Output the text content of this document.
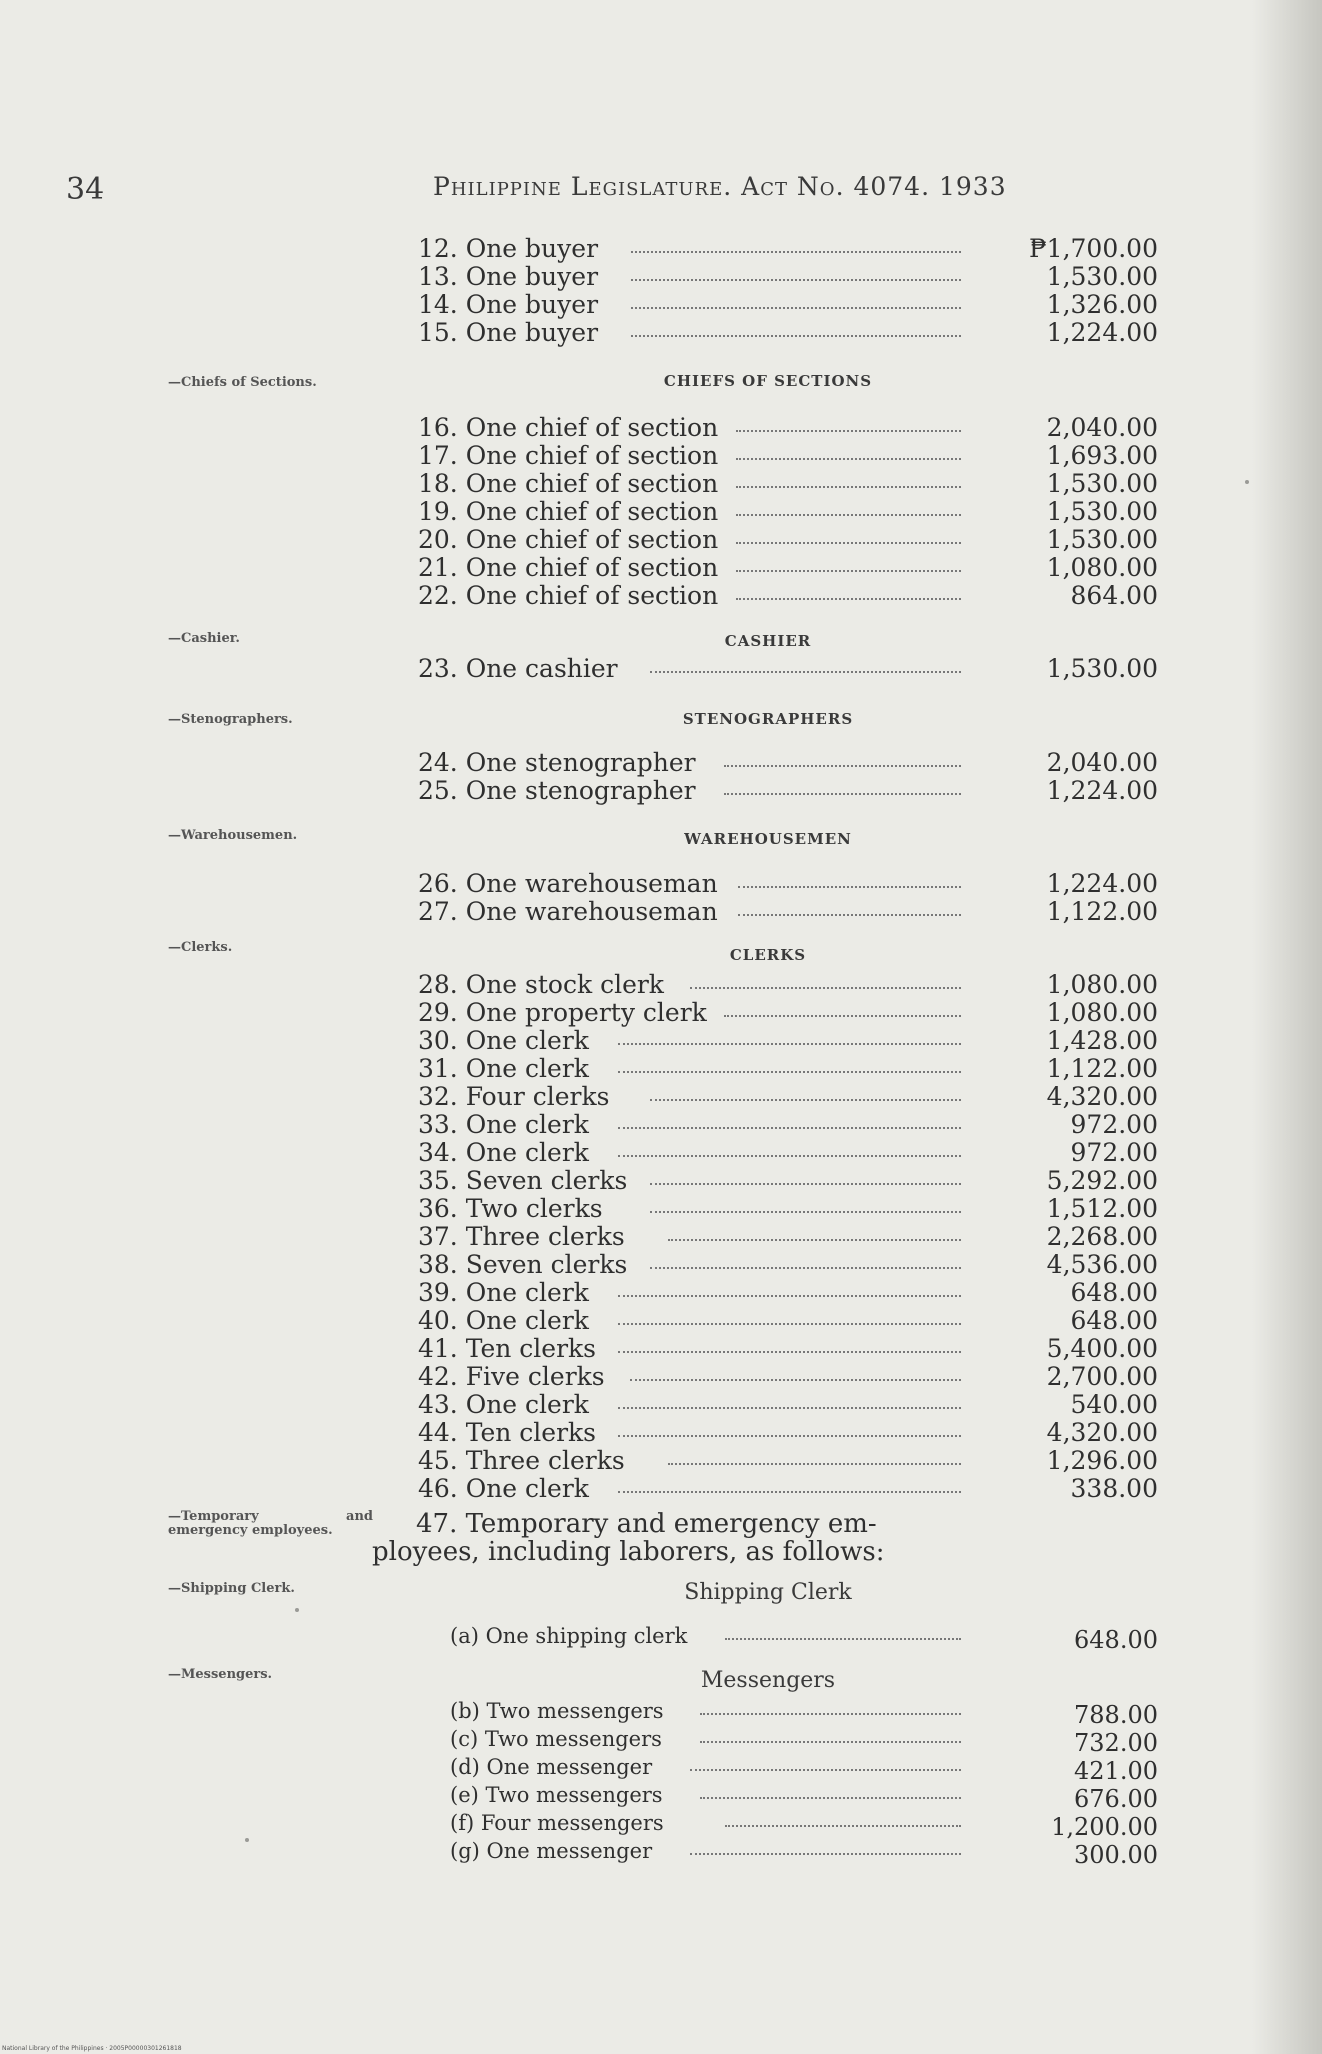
34	Philippine Legislature. Act No. 4074. 1933
12. One buyer	₱1,700.00
13. One buyer	1,530.00
14. One buyer	1,326.00
15. One buyer	1,224.00
—Chiefs of Sections.	CHIEFS OF SECTIONS
16. One chief of section	2,040.00
17. One chief of section	1,693.00
18. One chief of section	1,530.00
19. One chief of section	1,530.00
20. One chief of section	1,530.00
21. One chief of section	1,080.00
22. One chief of section	864.00
—Cashier.	CASHIER
23. One cashier	1,530.00
—Stenographers.	STENOGRAPHERS
24. One stenographer	2,040.00
25. One stenographer	1,224.00
—Warehousemen.	WAREHOUSEMEN
26. One warehouseman	1,224.00
27. One warehouseman	1,122.00
—Clerks.	CLERKS
28. One stock clerk	1,080.00
29. One property clerk	1,080.00
30. One clerk	1,428.00
31. One clerk	1,122.00
32. Four clerks	4,320.00
33. One clerk	972.00
34. One clerk	972.00
35. Seven clerks	5,292.00
36. Two clerks	1,512.00
37. Three clerks	2,268.00
38. Seven clerks	4,536.00
39. One clerk	648.00
40. One clerk	648.00
41. Ten clerks	5,400.00
42. Five clerks	2,700.00
43. One clerk	540.00
44. Ten clerks	4,320.00
45. Three clerks	1,296.00
46. One clerk	338.00
—Temporary	and
emergency employees.	47. Temporary and emergency em-
ployees, including laborers, as follows:
—Shipping Clerk.	Shipping Clerk
(a) One shipping clerk	648.00
—Messengers.	Messengers
(b) Two messengers	788.00
(c) Two messengers	732.00
(d) One messenger	421.00
(e) Two messengers	676.00
(f) Four messengers	1,200.00
(g) One messenger	300.00
National Library of the Philippines · 2005P00000301261818
